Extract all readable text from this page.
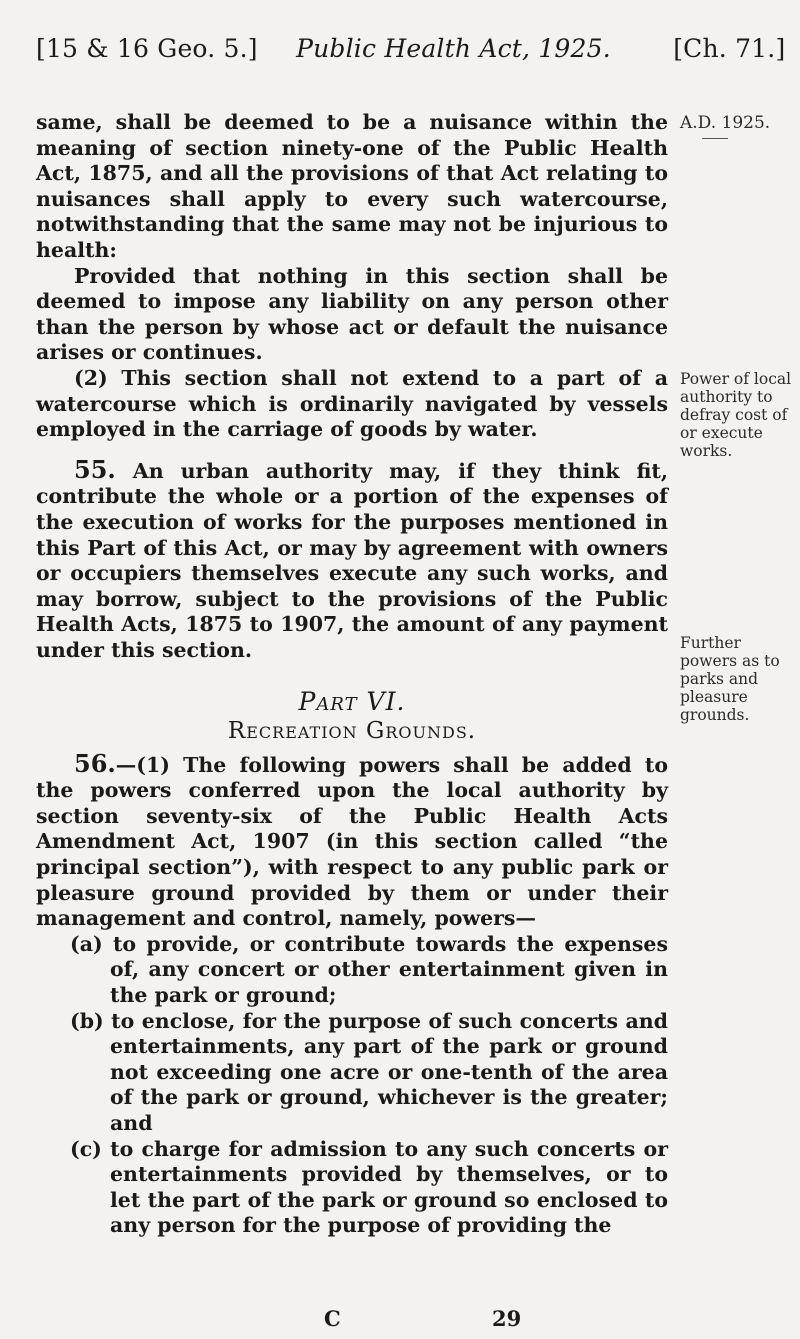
[15 & 16 Geo. 5.] Public Health Act, 1925. [Ch. 71.]
A.D. 1925.
Power of local authority to defray cost of or execute works.
Further powers as to parks and pleasure grounds.

same, shall be deemed to be a nuisance within the meaning of section ninety-one of the Public Health Act, 1875, and all the provisions of that Act relating to nuisances shall apply to every such watercourse, notwithstanding that the same may not be injurious to health:

Provided that nothing in this section shall be deemed to impose any liability on any person other than the person by whose act or default the nuisance arises or continues.

(2) This section shall not extend to a part of a watercourse which is ordinarily navigated by vessels employed in the carriage of goods by water.

55. An urban authority may, if they think fit, contribute the whole or a portion of the expenses of the execution of works for the purposes mentioned in this Part of this Act, or may by agreement with owners or occupiers themselves execute any such works, and may borrow, subject to the provisions of the Public Health Acts, 1875 to 1907, the amount of any payment under this section.

Part VI.
Recreation Grounds.

56.—(1) The following powers shall be added to the powers conferred upon the local authority by section seventy-six of the Public Health Acts Amendment Act, 1907 (in this section called “the principal section”), with respect to any public park or pleasure ground provided by them or under their management and control, namely, powers—

(a) to provide, or contribute towards the expenses of, any concert or other entertainment given in the park or ground;

(b) to enclose, for the purpose of such concerts and entertainments, any part of the park or ground not exceeding one acre or one-tenth of the area of the park or ground, whichever is the greater; and

(c) to charge for admission to any such concerts or entertainments provided by themselves, or to let the part of the park or ground so enclosed to any person for the purpose of providing the

C	29
